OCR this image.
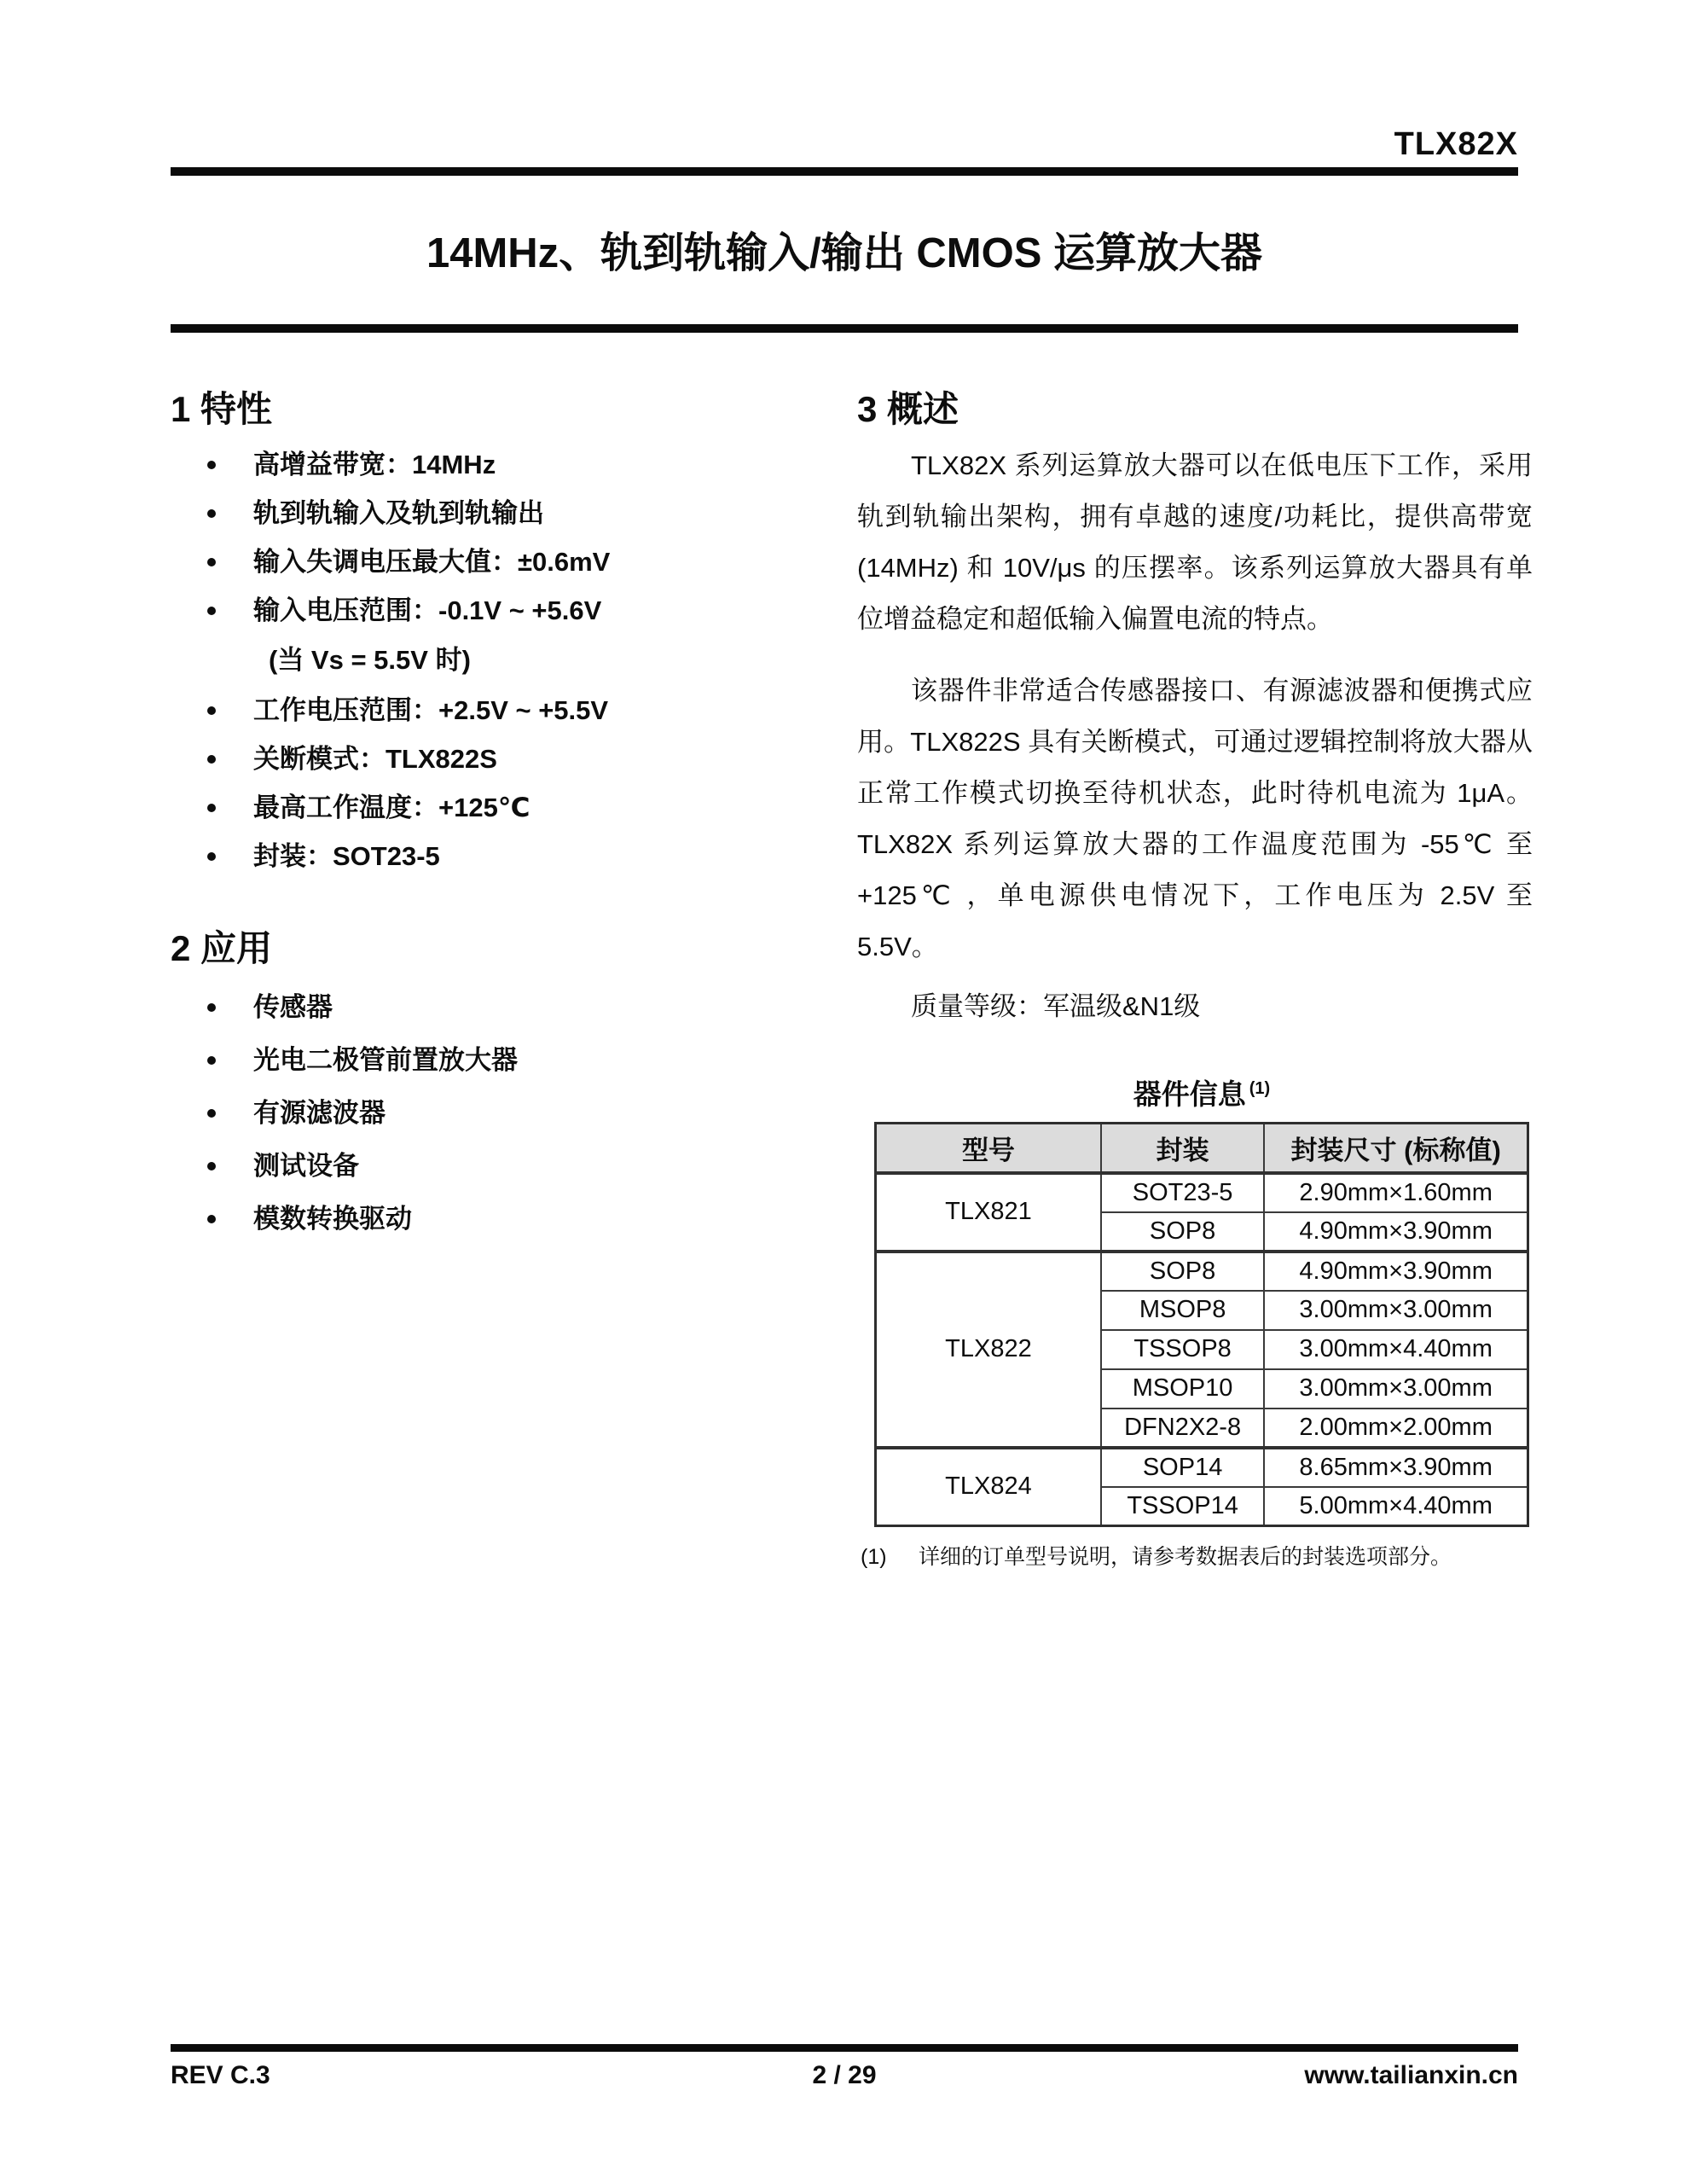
TLX82X
14MHz、轨到轨输入/输出 CMOS 运算放大器
1 特性
高增益带宽：14MHz
轨到轨输入及轨到轨输出
输入失调电压最大值：±0.6mV
输入电压范围：-0.1V ~ +5.6V
(当 Vs = 5.5V 时)
工作电压范围：+2.5V ~ +5.5V
关断模式：TLX822S
最高工作温度：+125℃
封装：SOT23-5
2 应用
传感器
光电二极管前置放大器
有源滤波器
测试设备
模数转换驱动
3 概述
TLX82X 系列运算放大器可以在低电压下工作，采用轨到轨输出架构，拥有卓越的速度/功耗比，提供高带宽 (14MHz) 和 10V/μs 的压摆率。该系列运算放大器具有单位增益稳定和超低输入偏置电流的特点。
该器件非常适合传感器接口、有源滤波器和便携式应用。TLX822S 具有关断模式，可通过逻辑控制将放大器从正常工作模式切换至待机状态，此时待机电流为 1μA。 TLX82X 系列运算放大器的工作温度范围为 -55℃ 至 +125℃ ，单电源供电情况下，工作电压为 2.5V 至 5.5V。
质量等级：军温级&N1级
器件信息 $^{(1)}$
型号	封装	封装尺寸 (标称值)
TLX821	SOT23-5	2.90mm×1.60mm
	SOP8	4.90mm×3.90mm
TLX822	SOP8	4.90mm×3.90mm
	MSOP8	3.00mm×3.00mm
	TSSOP8	3.00mm×4.40mm
	MSOP10	3.00mm×3.00mm
	DFN2X2-8	2.00mm×2.00mm
TLX824	SOP14	8.65mm×3.90mm
	TSSOP14	5.00mm×4.40mm
(1)	详细的订单型号说明，请参考数据表后的封装选项部分。
REV C.3	2 / 29	www.tailianxin.cn
